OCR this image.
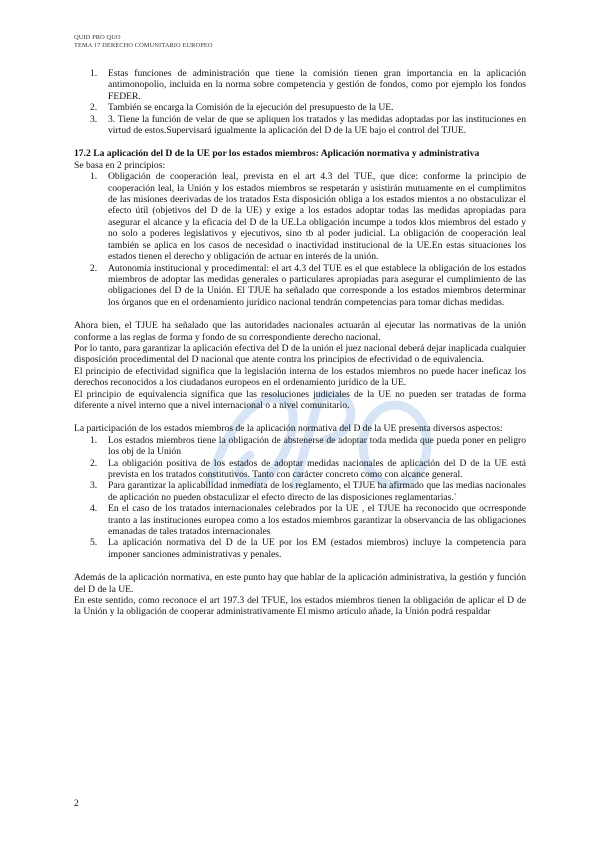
QUID PRO QUO
TEMA 17 DERECHO COMUNITARIO EUROPEO
1.	Estas funciones de administración que tiene la comisión tienen gran importancia en la aplicación antimonopolio, incluida en la norma sobre competencia y gestión de fondos, como por ejemplo los fondos FEDER.
2.	También se encarga la Comisión de la ejecución del presupuesto de la UE.
3.	3. Tiene la función de velar de que se apliquen los tratados y las medidas adoptadas por las instituciones en virtud de estos.Supervisará igualmente la aplicación del D de la UE bajo el control del TJUE.

17.2 La aplicación del D de la UE por los estados miembros: Aplicación normativa y administrativa

Se basa en 2 principios:

1.	Obligación de cooperación leal, prevista en el art 4.3 del TUE, que dice: conforme la principio de cooperación leal, la Unión y los estados miembros se respetarán y asistirán mutuamente en el cumplimitos de las misiones deerivadas de los tratados Esta disposición obliga a los estados mientos a no obstaculizar el efecto útil (objetivos del D de la UE) y exige a los estados adoptar todas las medidas apropiadas para asegurar el alcance y la eficacia del D de la UE.La obligación incumpe a todos klos miembros del estado y no solo a poderes legislativos y ejecutivos, sino tb al poder judicial. La obligación de cooperación leal también se aplica en los casos de necesidad o inactividad institucional de la UE.En estas situaciones los estados tienen el derecho y obligación de actuar en interés de la unión.
2.	Autonomía institucional y procedimental: el art 4.3 del TUE es el que establece la obligación de los estados miembros de adoptar las medidas generales o particulares apropiadas para asegurar el cumplimiento de las obligaciones del D de la Unión. El TJUE ha señalado que corresponde a los estados miembros determinar los órganos que en el ordenamiento jurídico nacional tendrán competencias para tomar dichas medidas.

Ahora bien, el TJUE ha señalado que las autoridades nacionales actuarán al ejecutar las normativas de la unión conforme a las reglas de forma y fondo de su correspondiente derecho nacional.

Por lo tanto, para garantizar la aplicación efectiva del D de la unión el juez nacional deberá dejar inaplicada cualquier disposición procedimental del D nacional que atente contra los principios de efectividad o de equivalencia.

El principio de efectividad significa que la legislación interna de los estados miembros no puede hacer ineficaz los derechos reconocidos a los ciudadanos europeos en el ordenamiento jurídico de la UE.

El principio de equivalencia significa que las resoluciones judiciales de la UE no pueden ser tratadas de forma diferente a nivel interno que a nivel internacional o a nivel comunitario.

La participación de los estados miembros de la aplicación normativa del D de la UE presenta diversos aspectos:

1.	Los estados miembros tiene la obligación de abstenerse de adoptar toda medida que pueda poner en peligro los obj de la Unión
2.	La obligación positiva de los estados de adoptar medidas nacionales de aplicación del D de la UE está prevista en los tratados constitutivos. Tanto con carácter concreto como con alcance general.
3.	Para garantizar la aplicabilidad inmediata de los reglamento, el TJUE ha afirmado que las medias nacionales de aplicación no pueden obstaculizar el efecto directo de las disposiciones reglamentarias.`
4.	En el caso de los tratados internacionales celebrados por la UE , el TJUE ha reconocido que ocrresponde tranto a las instituciones europea como a los estados miembros garantizar la observancia de las obligaciones emanadas de tales tratados internacionales
5.	La aplicación normativa del D de la UE por los EM (estados miembros) incluye la competencia para imponer sanciones administrativas y penales.

Además de la aplicación normativa, en este punto hay que hablar de la aplicación administrativa, la gestión y función del D de la UE.

En este sentido, como reconoce el art 197.3 del TFUE, los estados miembros tienen la obligación de aplicar el D de la Unión y la obligación de cooperar administrativamente El mismo artículo añade, la Unión podrá respaldar

2
